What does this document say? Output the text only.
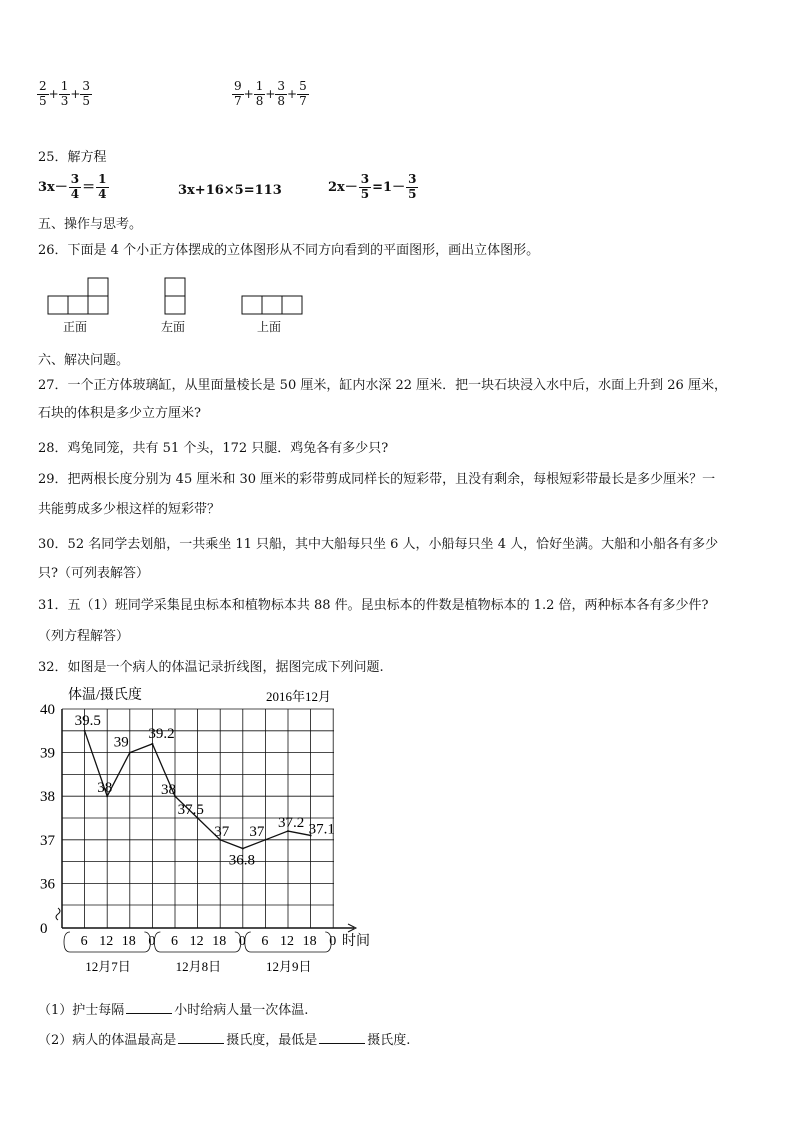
$\frac{2}{5} + \frac{1}{3} + \frac{3}{5}$	$\frac{9}{7} + \frac{1}{8} + \frac{3}{8} + \frac{5}{7}$
25．解方程
$3x- \frac{3}{4} = \frac{1}{4}$	3x+16×5=113	$2x- \frac{3}{5} =1- \frac{3}{5}$
五、操作与思考。
26．下面是 4 个小正方体摆成的立体图形从不同方向看到的平面图形，画出立体图形。
正面	左面	上面
六、解决问题。
27．一个正方体玻璃缸，从里面量棱长是 50 厘米，缸内水深 22 厘米．把一块石块浸入水中后，水面上升到 26 厘米，
石块的体积是多少立方厘米?
28．鸡兔同笼，共有 51 个头，172 只腿．鸡兔各有多少只?
29．把两根长度分别为 45 厘米和 30 厘米的彩带剪成同样长的短彩带，且没有剩余，每根短彩带最长是多少厘米？一
共能剪成多少根这样的短彩带？
30．52 名同学去划船，一共乘坐 11 只船，其中大船每只坐 6 人，小船每只坐 4 人，恰好坐满。大船和小船各有多少
只?（可列表解答）
31．五（1）班同学采集昆虫标本和植物标本共 88 件。昆虫标本的件数是植物标本的 1.2 倍，两种标本各有多少件?
（列方程解答）
32．如图是一个病人的体温记录折线图，据图完成下列问题.
体温/摄氏度	2016年12月
时间
40
39
38
37
36
0
6 12 18 0 6 12 18 0 6 12 18 0
12月7日	12月8日	12月9日
39.5
38
39
39.2
38
37.5
37
36.8
37
37.2 37.1
（1）护士每隔	小时给病人量一次体温.
（2）病人的体温最高是	摄氏度，最低是	摄氏度.
